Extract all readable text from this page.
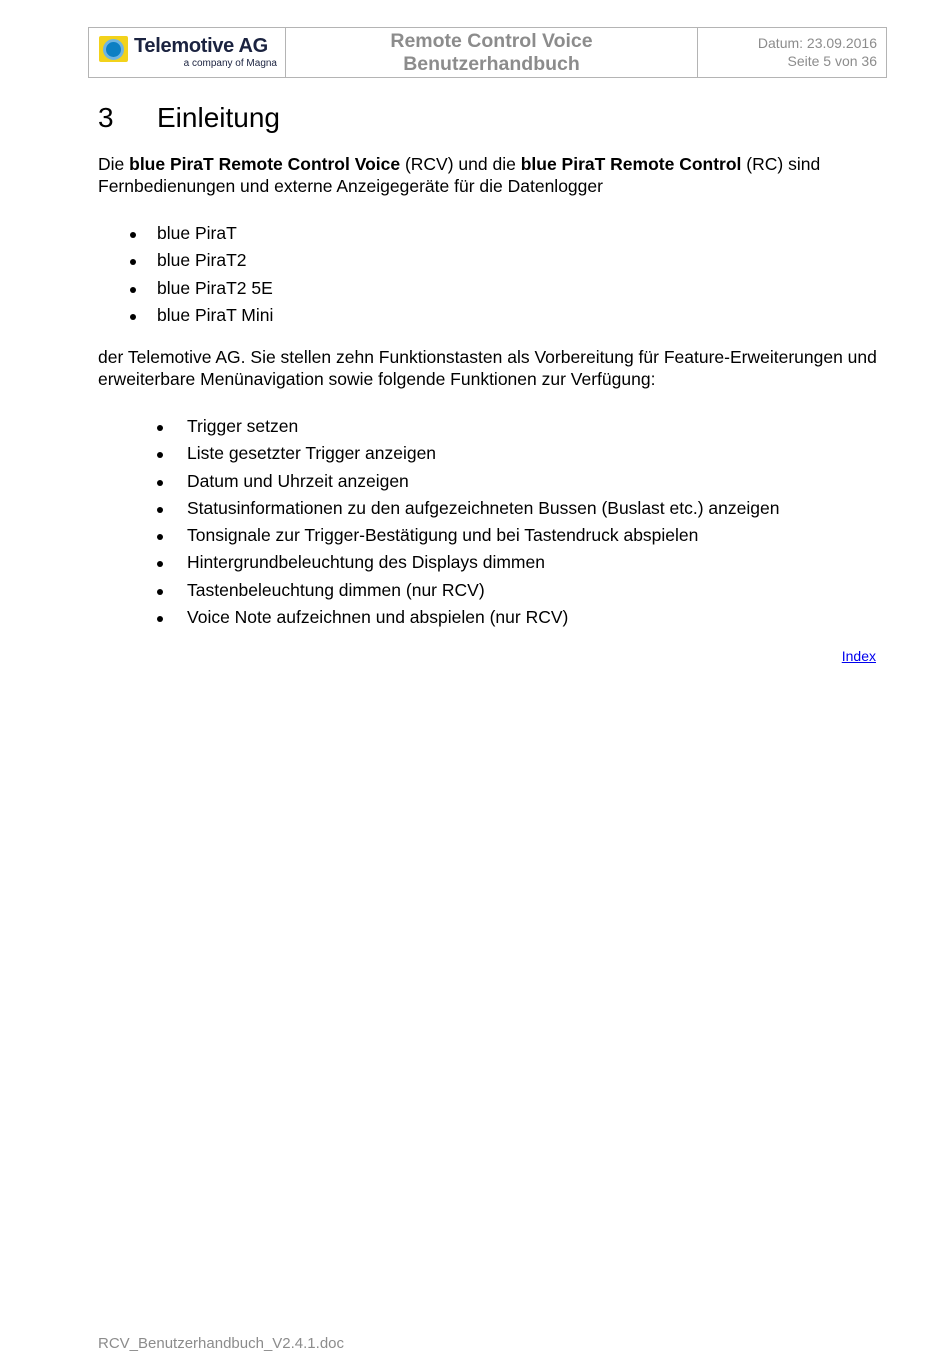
Telemotive AG
a company of Magna
Remote Control Voice
Benutzerhandbuch
Datum: 23.09.2016
Seite 5 von 36
3 Einleitung

Die blue PiraT Remote Control Voice (RCV) und die blue PiraT Remote Control (RC) sind Fernbedienungen und externe Anzeigegeräte für die Datenlogger

blue PiraT
blue PiraT2
blue PiraT2 5E
blue PiraT Mini

der Telemotive AG. Sie stellen zehn Funktionstasten als Vorbereitung für Feature-Erweiterungen und erweiterbare Menünavigation sowie folgende Funktionen zur Verfügung:

Trigger setzen
Liste gesetzter Trigger anzeigen
Datum und Uhrzeit anzeigen
Statusinformationen zu den aufgezeichneten Bussen (Buslast etc.) anzeigen
Tonsignale zur Trigger-Bestätigung und bei Tastendruck abspielen
Hintergrundbeleuchtung des Displays dimmen
Tastenbeleuchtung dimmen (nur RCV)
Voice Note aufzeichnen und abspielen (nur RCV)
Index
RCV_Benutzerhandbuch_V2.4.1.doc
